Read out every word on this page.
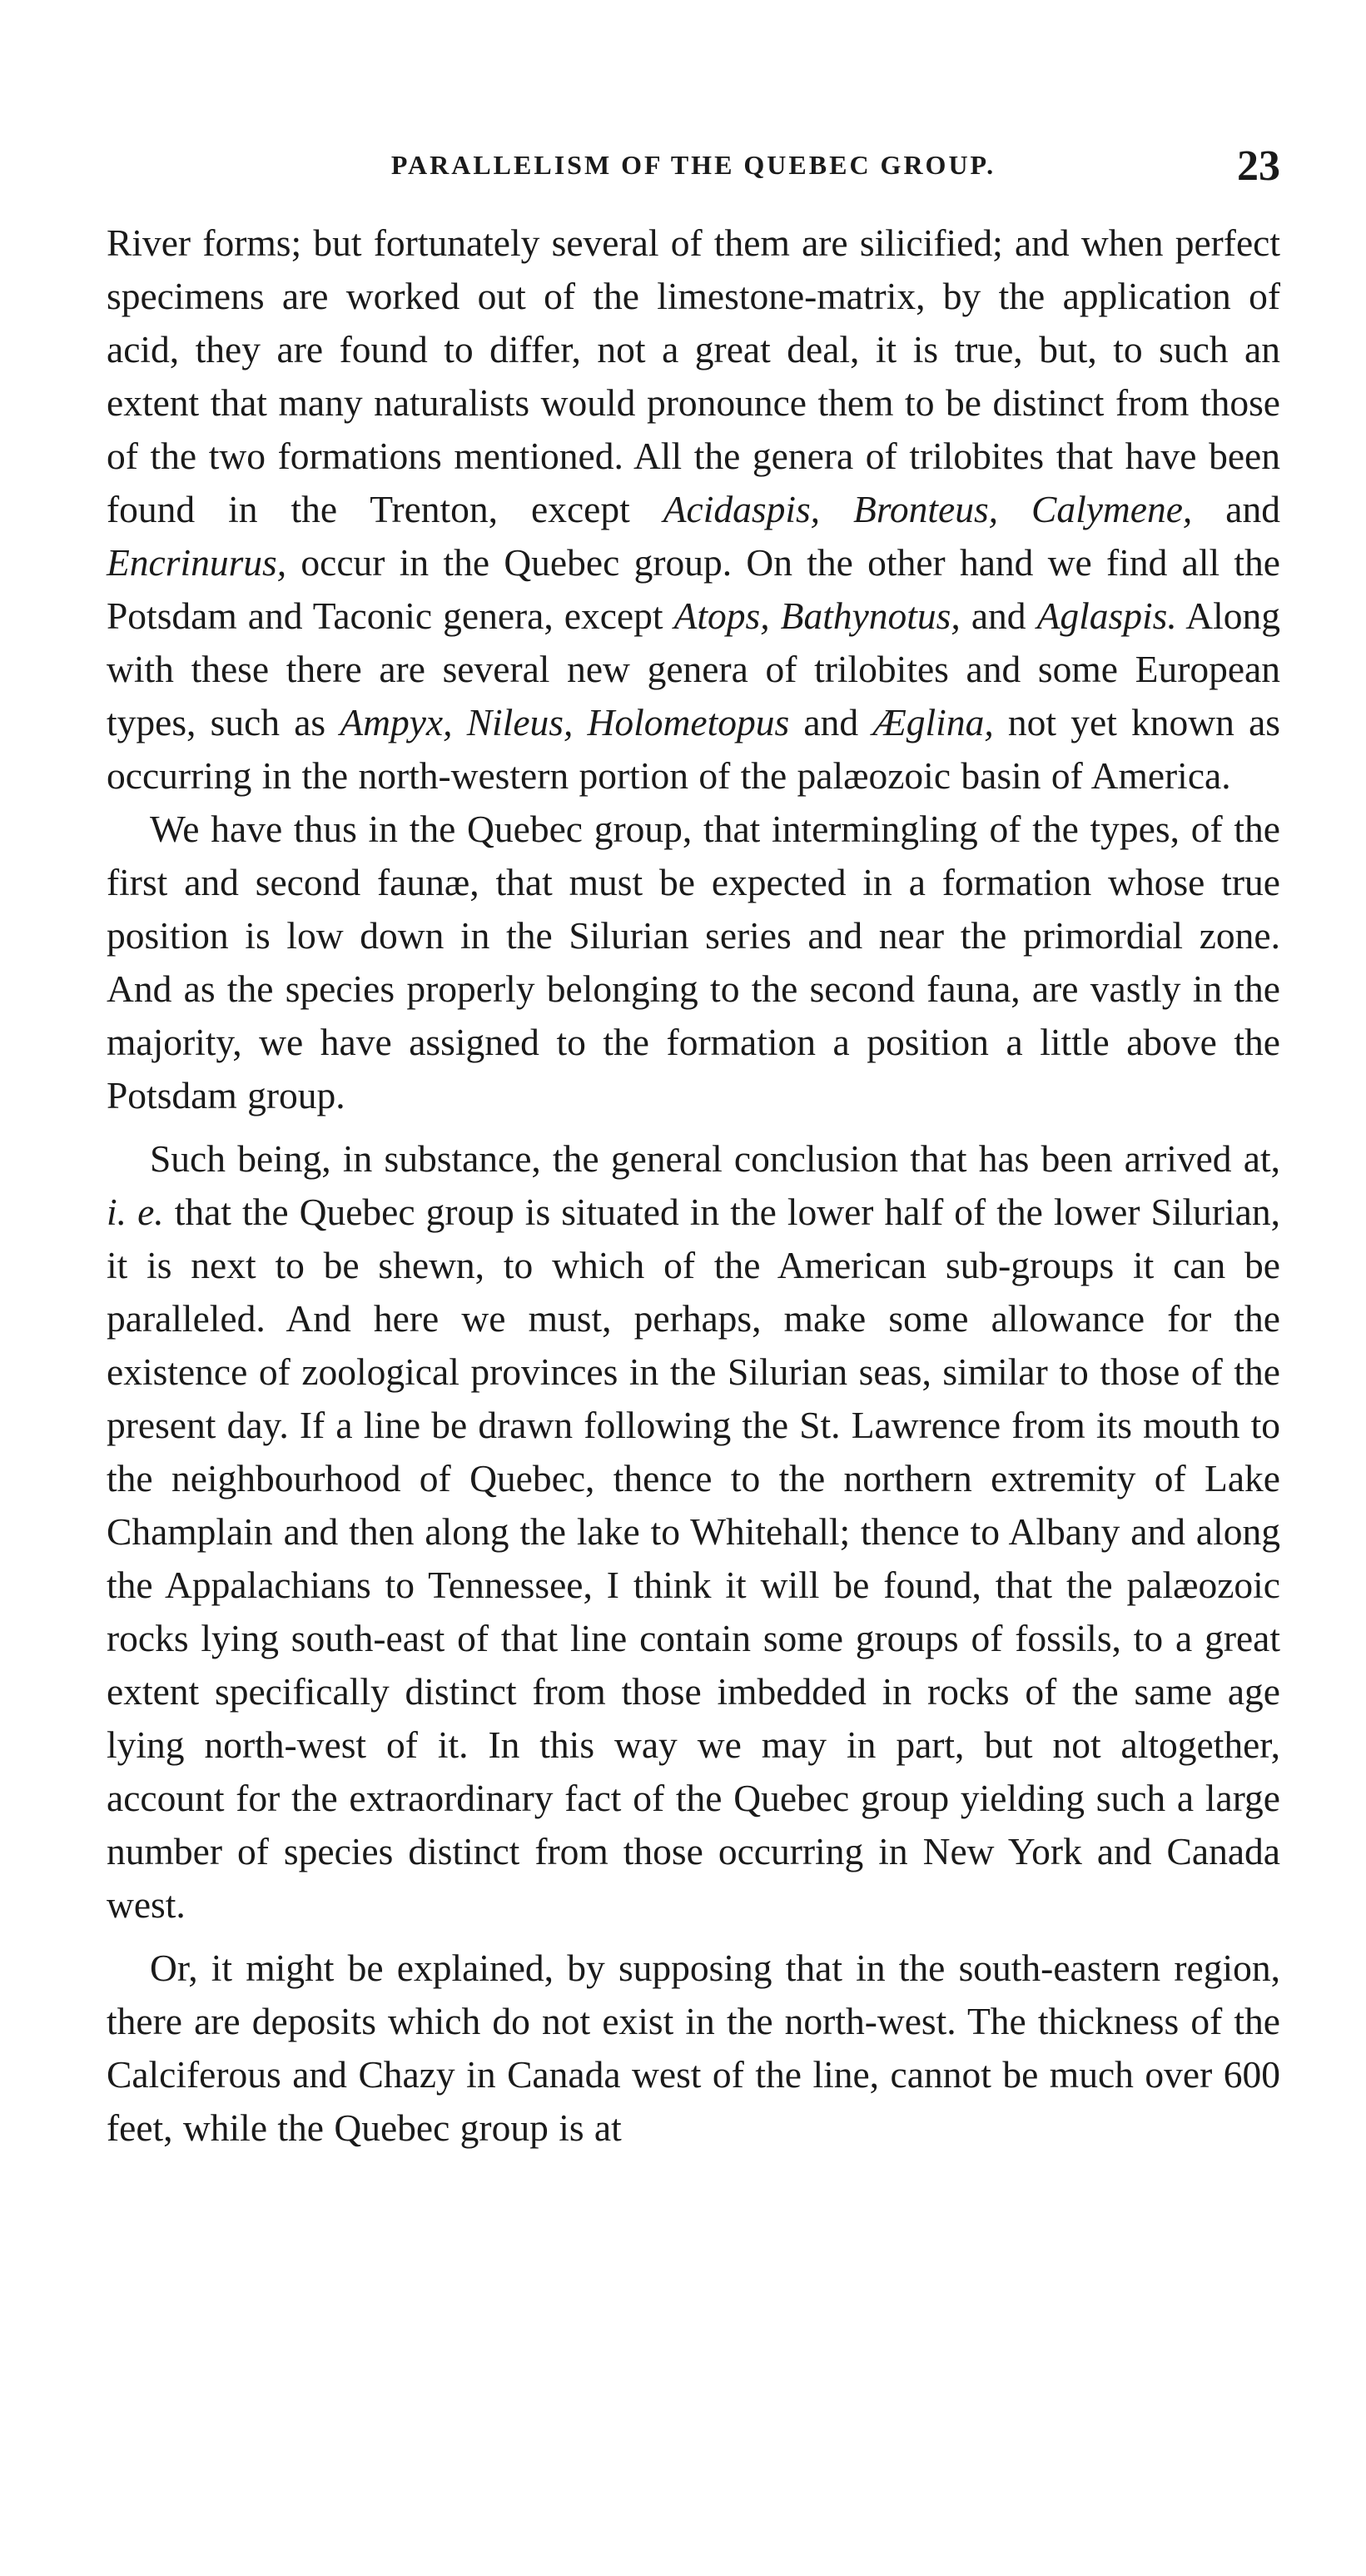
PARALLELISM OF THE QUEBEC GROUP.	23

River forms; but fortunately several of them are silicified; and when perfect specimens are worked out of the limestone-matrix, by the application of acid, they are found to differ, not a great deal, it is true, but, to such an extent that many naturalists would pronounce them to be distinct from those of the two formations mentioned. All the genera of trilobites that have been found in the Trenton, except Acidaspis, Bronteus, Calymene, and Encrinurus, occur in the Quebec group. On the other hand we find all the Potsdam and Taconic genera, except Atops, Bathynotus, and Aglaspis. Along with these there are several new genera of trilobites and some European types, such as Ampyx, Nileus, Holometopus and Æglina, not yet known as occurring in the north-western portion of the palæozoic basin of America.

We have thus in the Quebec group, that intermingling of the types, of the first and second faunæ, that must be expected in a formation whose true position is low down in the Silurian series and near the primordial zone. And as the species properly belonging to the second fauna, are vastly in the majority, we have assigned to the formation a position a little above the Potsdam group.

Such being, in substance, the general conclusion that has been arrived at, i. e. that the Quebec group is situated in the lower half of the lower Silurian, it is next to be shewn, to which of the American sub-groups it can be paralleled. And here we must, perhaps, make some allowance for the existence of zoological provinces in the Silurian seas, similar to those of the present day. If a line be drawn following the St. Lawrence from its mouth to the neighbourhood of Quebec, thence to the northern extremity of Lake Champlain and then along the lake to Whitehall; thence to Albany and along the Appalachians to Tennessee, I think it will be found, that the palæozoic rocks lying south-east of that line contain some groups of fossils, to a great extent specifically distinct from those imbedded in rocks of the same age lying north-west of it. In this way we may in part, but not altogether, account for the extraordinary fact of the Quebec group yielding such a large number of species distinct from those occurring in New York and Canada west.

Or, it might be explained, by supposing that in the south-eastern region, there are deposits which do not exist in the north-west. The thickness of the Calciferous and Chazy in Canada west of the line, cannot be much over 600 feet, while the Quebec group is at
